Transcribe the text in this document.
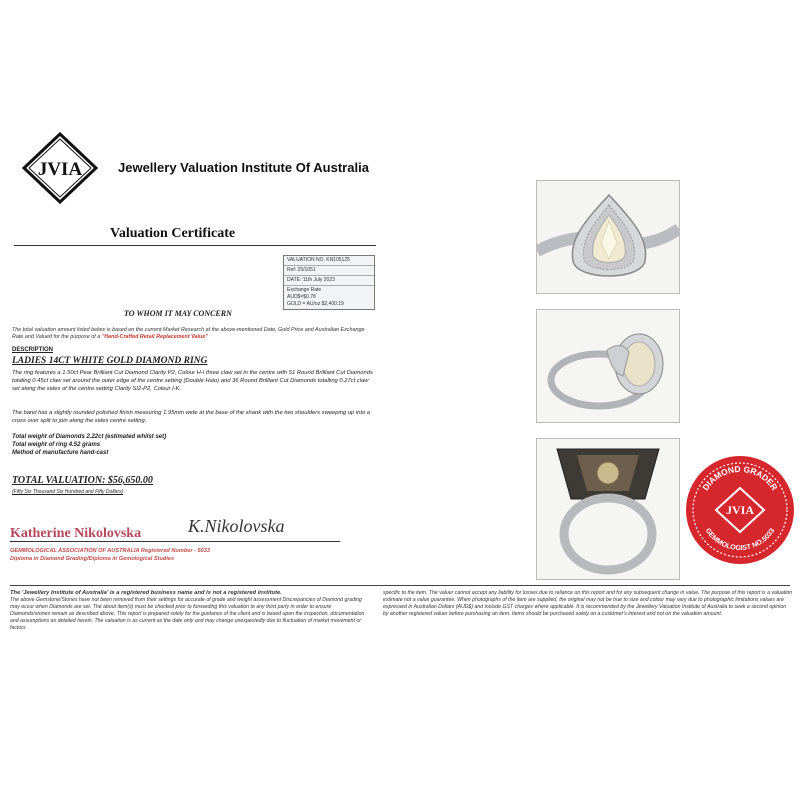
JVIA	Jewellery Valuation Institute Of Australia
Valuation Certificate
VALUATION NO. KN105125
Ref: 25/1051
DATE: 11th July 2023
Exchange Rate
AUD$=$0.78
GOLD = AU/oz $2,400.19
TO WHOM IT MAY CONCERN
The total valuation amount listed below is based on the current Market Research at the above-mentioned Date, Gold Price and Australian Exchange Rate and Valued for the purpose of a "Hand-Crafted Retail Replacement Value"
DESCRIPTION
LADIES 14CT WHITE GOLD DIAMOND RING
The ring features a 1.50ct Pear Brilliant Cut Diamond Clarity P2, Colour H-I three claw set in the centre with 51 Round Brilliant Cut Diamonds totaling 0.45ct claw set around the outer edge of the centre setting (Double Halo) and 36 Round Brilliant Cut Diamonds totalling 0.27ct claw set along the sides of the centre setting Clarity SI2-P2, Colour I-K.
The band has a slightly rounded polished finish measuring 1.95mm wide at the base of the shank with the two shoulders sweeping up into a cross over split to join along the sides centre setting.
Total weight of Diamonds 2.22ct (estimated whilst set)
Total weight of ring 4.52 grams
Method of manufacture hand-cast
TOTAL VALUATION: $56,650.00
(Fifty Six Thousand Six Hundred and Fifty Dollars)
Katherine Nikolovska	K.Nikolovska
GEMMOLOGICAL ASSOCIATION OF AUSTRALIA Registered Number - 5033
Diploma in Diamond Grading/Diploma in Gemological Studies
DIAMOND GRADER
JVIA
GEMMOLOGIST NO.5033
The 'Jewellery Institute of Australia' is a registered business name and is not a registered institute.
The above Gemstone/Stones have not been removed from their settings for accurate of grade and weight assessment Discrepancies of Diamond grading may occur when Diamonds are set. The about item(s) must be checked prior to forwarding this valuation to any third party in order to ensure Diamonds/stones remain as described above. This report is prepared solely for the guidance of the client and is based upon the inspection, documentation and assumptions as detailed herein. The valuation is as current as the date only and may change unexpectedly due to fluctuation of market movement or factors
specific to the item. The valuer cannot accept any liability for losses due to reliance on this report and for any subsequent change in value. The purpose of this report is a valuation estimate not a value guarantee. When photographs of the item are supplied, the original may not be true to size and colour may vary due to photographic limitations values are expressed in Australian Dollars (AUD$) and include GST charges where applicable. It is recommended by the Jewellery Valuation Institute of Australia to seek a second opinion by another registered valuer before purchasing an item. Items should be purchased solely on a customer's interest and not on the valuation amount.
